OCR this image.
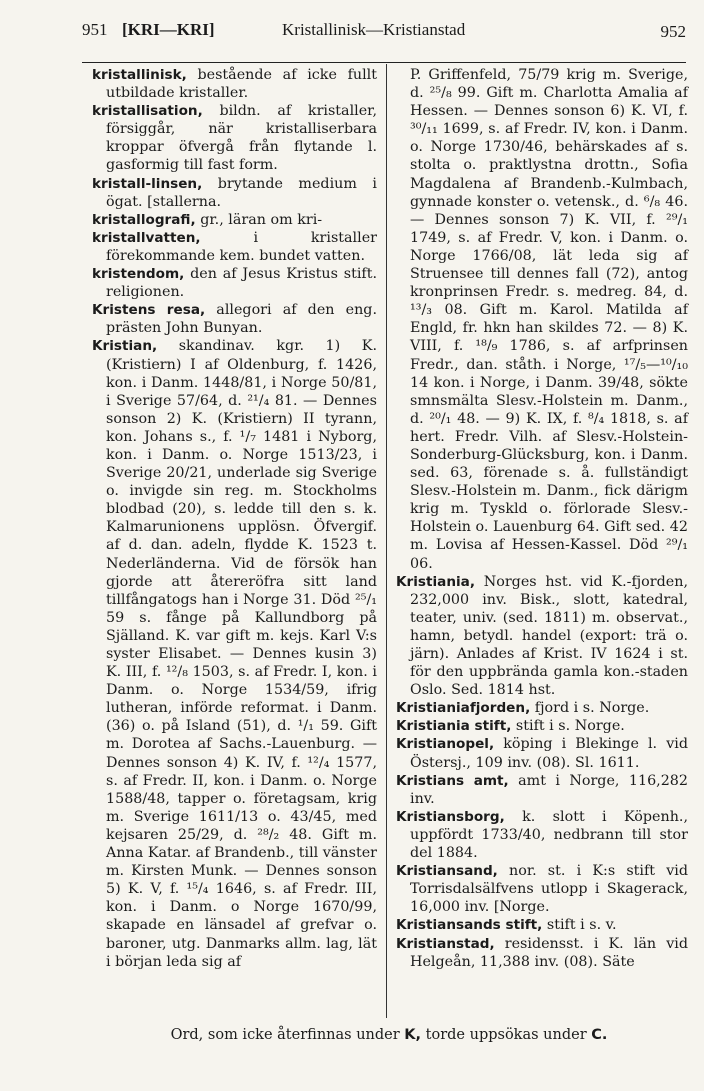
951 [KRI—KRI]	Kristallinisk—Kristianstad	952

kristallinisk, bestående af icke fullt utbildade kristaller.

kristallisation, bildn. af kristaller, försiggår, när kristalliserbara kroppar öfvergå från flytande l. gasformig till fast form.

kristall-linsen, brytande medium i ögat. [stallerna.

kristallografi, gr., läran om kri-

kristallvatten, i kristaller förekommande kem. bundet vatten.

kristendom, den af Jesus Kristus stift. religionen.

Kristens resa, allegori af den eng. prästen John Bunyan.

Kristian, skandinav. kgr. 1) K. (Kristiern) I af Oldenburg, f. 1426, kon. i Danm. 1448/81, i Norge 50/81, i Sverige 57/64, d. ²¹/₄ 81. — Dennes sonson 2) K. (Kristiern) II tyrann, kon. Johans s., f. ¹/₇ 1481 i Nyborg, kon. i Danm. o. Norge 1513/23, i Sverige 20/21, underlade sig Sverige o. invigde sin reg. m. Stockholms blodbad (20), s. ledde till den s. k. Kalmarunionens upplösn. Öfvergif. af d. dan. adeln, flydde K. 1523 t. Nederländerna. Vid de försök han gjorde att återeröfra sitt land tillfångatogs han i Norge 31. Död ²⁵/₁ 59 s. fånge på Kallundborg på Själland. K. var gift m. kejs. Karl V:s syster Elisabet. — Dennes kusin 3) K. III, f. ¹²/₈ 1503, s. af Fredr. I, kon. i Danm. o. Norge 1534/59, ifrig lutheran, införde reformat. i Danm. (36) o. på Island (51), d. ¹/₁ 59. Gift m. Dorotea af Sachs.-Lauenburg. — Dennes sonson 4) K. IV, f. ¹²/₄ 1577, s. af Fredr. II, kon. i Danm. o. Norge 1588/48, tapper o. företagsam, krig m. Sverige 1611/13 o. 43/45, med kejsaren 25/29, d. ²⁸/₂ 48. Gift m. Anna Katar. af Brandenb., till vänster m. Kirsten Munk. — Dennes sonson 5) K. V, f. ¹⁵/₄ 1646, s. af Fredr. III, kon. i Danm. o Norge 1670/99, skapade en länsadel af grefvar o. baroner, utg. Danmarks allm. lag, lät i början leda sig af

P. Griffenfeld, 75/79 krig m. Sverige, d. ²⁵/₈ 99. Gift m. Charlotta Amalia af Hessen. — Dennes sonson 6) K. VI, f. ³⁰/₁₁ 1699, s. af Fredr. IV, kon. i Danm. o. Norge 1730/46, behärskades af s. stolta o. praktlystna drottn., Sofia Magdalena af Brandenb.-Kulmbach, gynnade konster o. vetensk., d. ⁶/₈ 46. — Dennes sonson 7) K. VII, f. ²⁹/₁ 1749, s. af Fredr. V, kon. i Danm. o. Norge 1766/08, lät leda sig af Struensee till dennes fall (72), antog kronprinsen Fredr. s. medreg. 84, d. ¹³/₃ 08. Gift m. Karol. Matilda af Engld, fr. hkn han skildes 72. — 8) K. VIII, f. ¹⁸/₉ 1786, s. af arfprinsen Fredr., dan. ståth. i Norge, ¹⁷/₅—¹⁰/₁₀ 14 kon. i Norge, i Danm. 39/48, sökte smnsmälta Slesv.-Holstein m. Danm., d. ²⁰/₁ 48. — 9) K. IX, f. ⁸/₄ 1818, s. af hert. Fredr. Vilh. af Slesv.-Holstein-Sonderburg-Glücksburg, kon. i Danm. sed. 63, förenade s. å. fullständigt Slesv.-Holstein m. Danm., fick därigm krig m. Tyskld o. förlorade Slesv.-Holstein o. Lauenburg 64. Gift sed. 42 m. Lovisa af Hessen-Kassel. Död ²⁹/₁ 06.

Kristiania, Norges hst. vid K.-fjorden, 232,000 inv. Bisk., slott, katedral, teater, univ. (sed. 1811) m. observat., hamn, betydl. handel (export: trä o. järn). Anlades af Krist. IV 1624 i st. för den uppbrända gamla kon.-staden Oslo. Sed. 1814 hst.

Kristianiafjorden, fjord i s. Norge.

Kristiania stift, stift i s. Norge.

Kristianopel, köping i Blekinge l. vid Östersj., 109 inv. (08). Sl. 1611.

Kristians amt, amt i Norge, 116,282 inv.

Kristiansborg, k. slott i Köpenh., uppfördt 1733/40, nedbrann till stor del 1884.

Kristiansand, nor. st. i K:s stift vid Torrisdalsälfvens utlopp i Skagerack, 16,000 inv. [Norge.

Kristiansands stift, stift i s. v.

Kristianstad, residensst. i K. län vid Helgeån, 11,388 inv. (08). Säte

Ord, som icke återfinnas under K, torde uppsökas under C.
